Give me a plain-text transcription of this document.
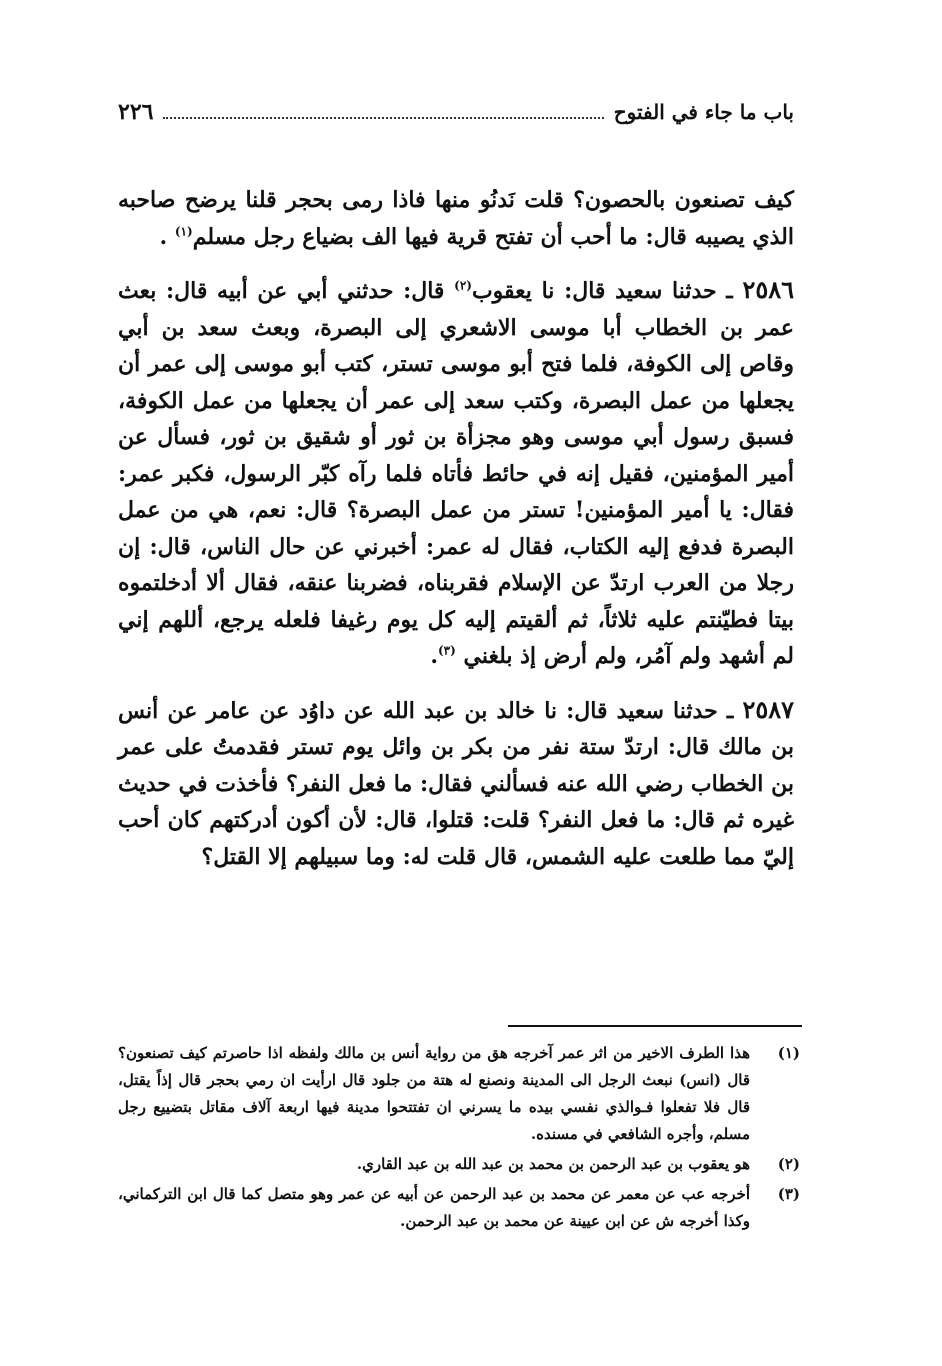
باب ما جاء في الفتوح
٢٢٦

كيف تصنعون بالحصون؟ قلت نَدنُو منها فاذا رمى بحجر قلنا يرضح صاحبه الذي يصيبه قال: ما أحب أن تفتح قرية فيها الف بضياع رجل مسلم$^{(١)}$ .

٢٥٨٦ ـ حدثنا سعيد قال: نا يعقوب$^{(٢)}$ قال: حدثني أبي عن أبيه قال: بعث عمر بن الخطاب أبا موسى الاشعري إلى البصرة، وبعث سعد بن أبي وقاص إلى الكوفة، فلما فتح أبو موسى تستر، كتب أبو موسى إلى عمر أن يجعلها من عمل البصرة، وكتب سعد إلى عمر أن يجعلها من عمل الكوفة، فسبق رسول أبي موسى وهو مجزأة بن ثور أو شقيق بن ثور، فسأل عن أمير المؤمنين، فقيل إنه في حائط فأتاه فلما رآه كبّر الرسول، فكبر عمر: فقال: يا أمير المؤمنين! تستر من عمل البصرة؟ قال: نعم، هي من عمل البصرة فدفع إليه الكتاب، فقال له عمر: أخبرني عن حال الناس، قال: إن رجلا من العرب ارتدّ عن الإسلام فقربناه، فضربنا عنقه، فقال ألا أدخلتموه بيتا فطيّنتم عليه ثلاثاً، ثم ألقيتم إليه كل يوم رغيفا فلعله يرجع، أللهم إني لم أشهد ولم آمُر، ولم أرض إذ بلغني $^{(٣)}$.

٢٥٨٧ ـ حدثنا سعيد قال: نا خالد بن عبد الله عن داوُد عن عامر عن أنس بن مالك قال: ارتدّ ستة نفر من بكر بن وائل يوم تستر فقدمتُ على عمر بن الخطاب رضي الله عنه فسألني فقال: ما فعل النفر؟ فأخذت في حديث غيره ثم قال: ما فعل النفر؟ قلت: قتلوا، قال: لأن أكون أدركتهم كان أحب إليّ مما طلعت عليه الشمس، قال قلت له: وما سبيلهم إلا القتل؟

(١)
هذا الطرف الاخير من اثر عمر آخرجه هق من رواية أنس بن مالك ولفظه اذا حاصرتم كيف تصنعون؟ قال (انس) نبعث الرجل الى المدينة ونصنع له هتة من جلود قال ارأيت ان رمي بحجر قال إذاً يقتل، قال فلا تفعلوا فـوالذي نفسي بيده ما يسرني ان تفتتحوا مدينة فيها اربعة آلاف مقاتل بتضييع رجل مسلم، وأجره الشافعي في مسنده.
(٢)
هو يعقوب بن عبد الرحمن بن محمد بن عبد الله بن عبد القاري.
(٣)
أخرجه عب عن معمر عن محمد بن عبد الرحمن عن أبيه عن عمر وهو متصل كما قال ابن التركماني، وكذا أخرجه ش عن ابن عيينة عن محمد بن عبد الرحمن.
